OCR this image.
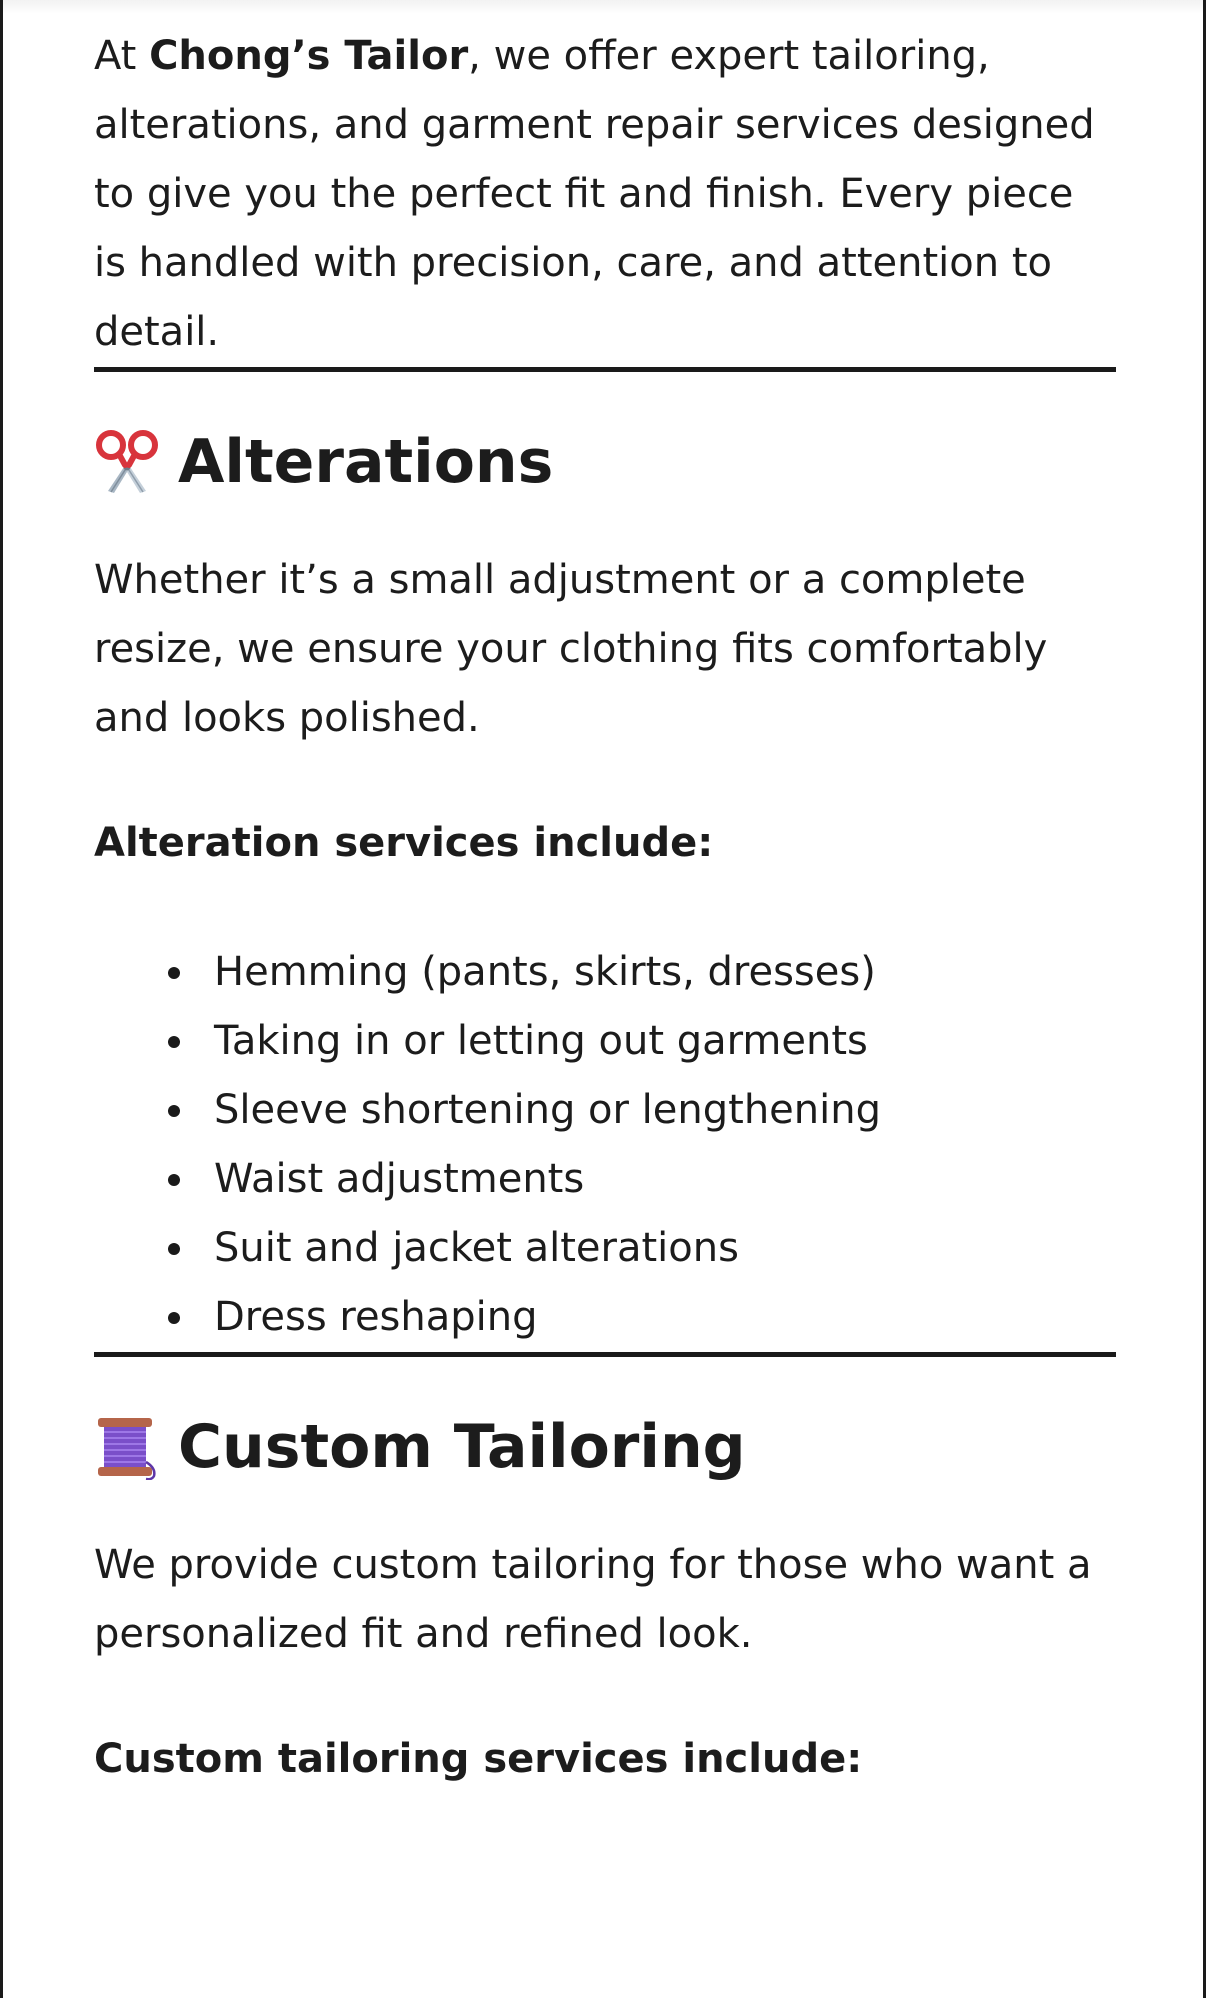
At Chong’s Tailor, we offer expert tailoring, alterations, and garment repair services designed to give you the perfect fit and finish. Every piece is handled with precision, care, and attention to detail.

Alterations

Whether it’s a small adjustment or a complete resize, we ensure your clothing fits comfortably and looks polished.

Alteration services include:

Hemming (pants, skirts, dresses)
Taking in or letting out garments
Sleeve shortening or lengthening
Waist adjustments
Suit and jacket alterations
Dress reshaping
Custom Tailoring

We provide custom tailoring for those who want a personalized fit and refined look.

Custom tailoring services include:
